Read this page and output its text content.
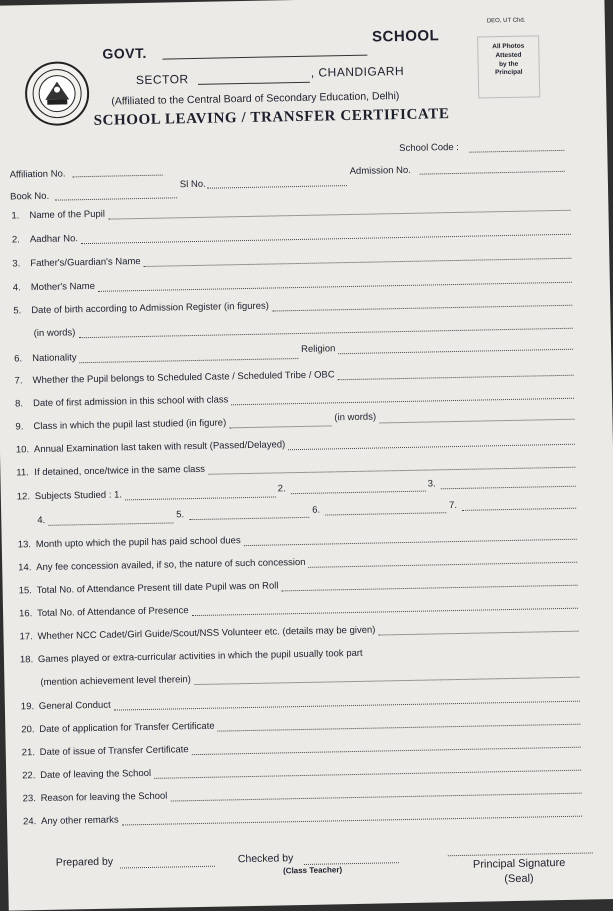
DEO, UT Chd.
GOVT.
SCHOOL
SECTOR	, CHANDIGARH
(Affiliated to the Central Board of Secondary Education, Delhi)
SCHOOL LEAVING / TRANSFER CERTIFICATE
All Photos
Attested
by the
Principal
School Code :
Affiliation No.	Admission No.
Book No.
Sl No.
1. Name of the Pupil
2. Aadhar No.
3. Father's/Guardian's Name
4. Mother's Name
5. Date of birth according to Admission Register (in figures)
(in words)
6. Nationality
Religion
7. Whether the Pupil belongs to Scheduled Caste / Scheduled Tribe / OBC
8. Date of first admission in this school with class
9. Class in which the pupil last studied (in figure)	(in words)
10. Annual Examination last taken with result (Passed/Delayed)
11. If detained, once/twice in the same class
12. Subjects Studied : 1.
2.	3.
4.
5.	6.	7.
13. Month upto which the pupil has paid school dues
14. Any fee concession availed, if so, the nature of such concession
15. Total No. of Attendance Present till date Pupil was on Roll
16. Total No. of Attendance of Presence
17. Whether NCC Cadet/Girl Guide/Scout/NSS Volunteer etc. (details may be given)
18. Games played or extra-curricular activities in which the pupil usually took part
(mention achievement level therein)
19. General Conduct
20. Date of application for Transfer Certificate
21. Date of issue of Transfer Certificate
22. Date of leaving the School
23. Reason for leaving the School
24. Any other remarks
Prepared by	Checked by
(Class Teacher)	Principal Signature
(Seal)
